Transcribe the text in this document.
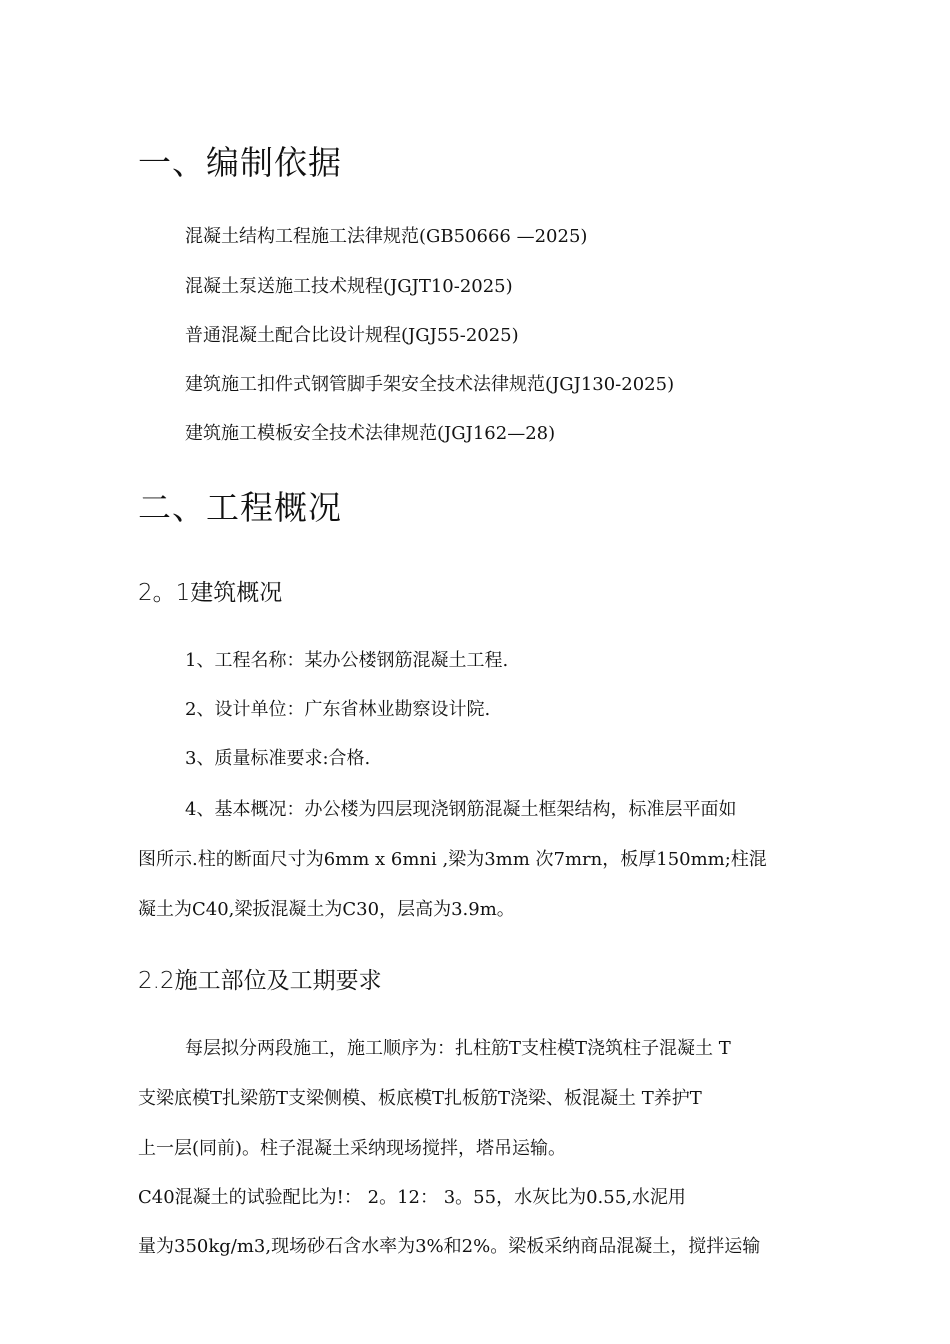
一、编制依据
混凝土结构工程施工法律规范(GB50666 —2025)
混凝土泵送施工技术规程(JGJT10-2025)
普通混凝土配合比设计规程(JGJ55-2025)
建筑施工扣件式钢管脚手架安全技术法律规范(JGJ130-2025)
建筑施工模板安全技术法律规范(JGJ162—28)
二、工程概况
2。1建筑概况
1、工程名称：某办公楼钢筋混凝土工程.
2、设计单位：广东省林业勘察设计院.
3、质量标准要求:合格.
4、基本概况：办公楼为四层现浇钢筋混凝土框架结构，标准层平面如
图所示.柱的断面尺寸为6mm x 6mni ,梁为3mm 次7mrn，板厚150mm;柱混
凝土为C40,梁扳混凝土为C30，层高为3.9m。
2.2施工部位及工期要求
每层拟分两段施工，施工顺序为：扎柱筋T支柱模T浇筑柱子混凝土 T
支梁底模T扎梁筋T支梁侧模、板底模T扎板筋T浇梁、板混凝土 T养护T
上一层(同前)。柱子混凝土采纳现场搅拌，塔吊运输。
C40混凝土的试验配比为!： 2。12： 3。55，水灰比为0.55,水泥用
量为350kg/m3,现场砂石含水率为3%和2%。梁板采纳商品混凝土，搅拌运输
